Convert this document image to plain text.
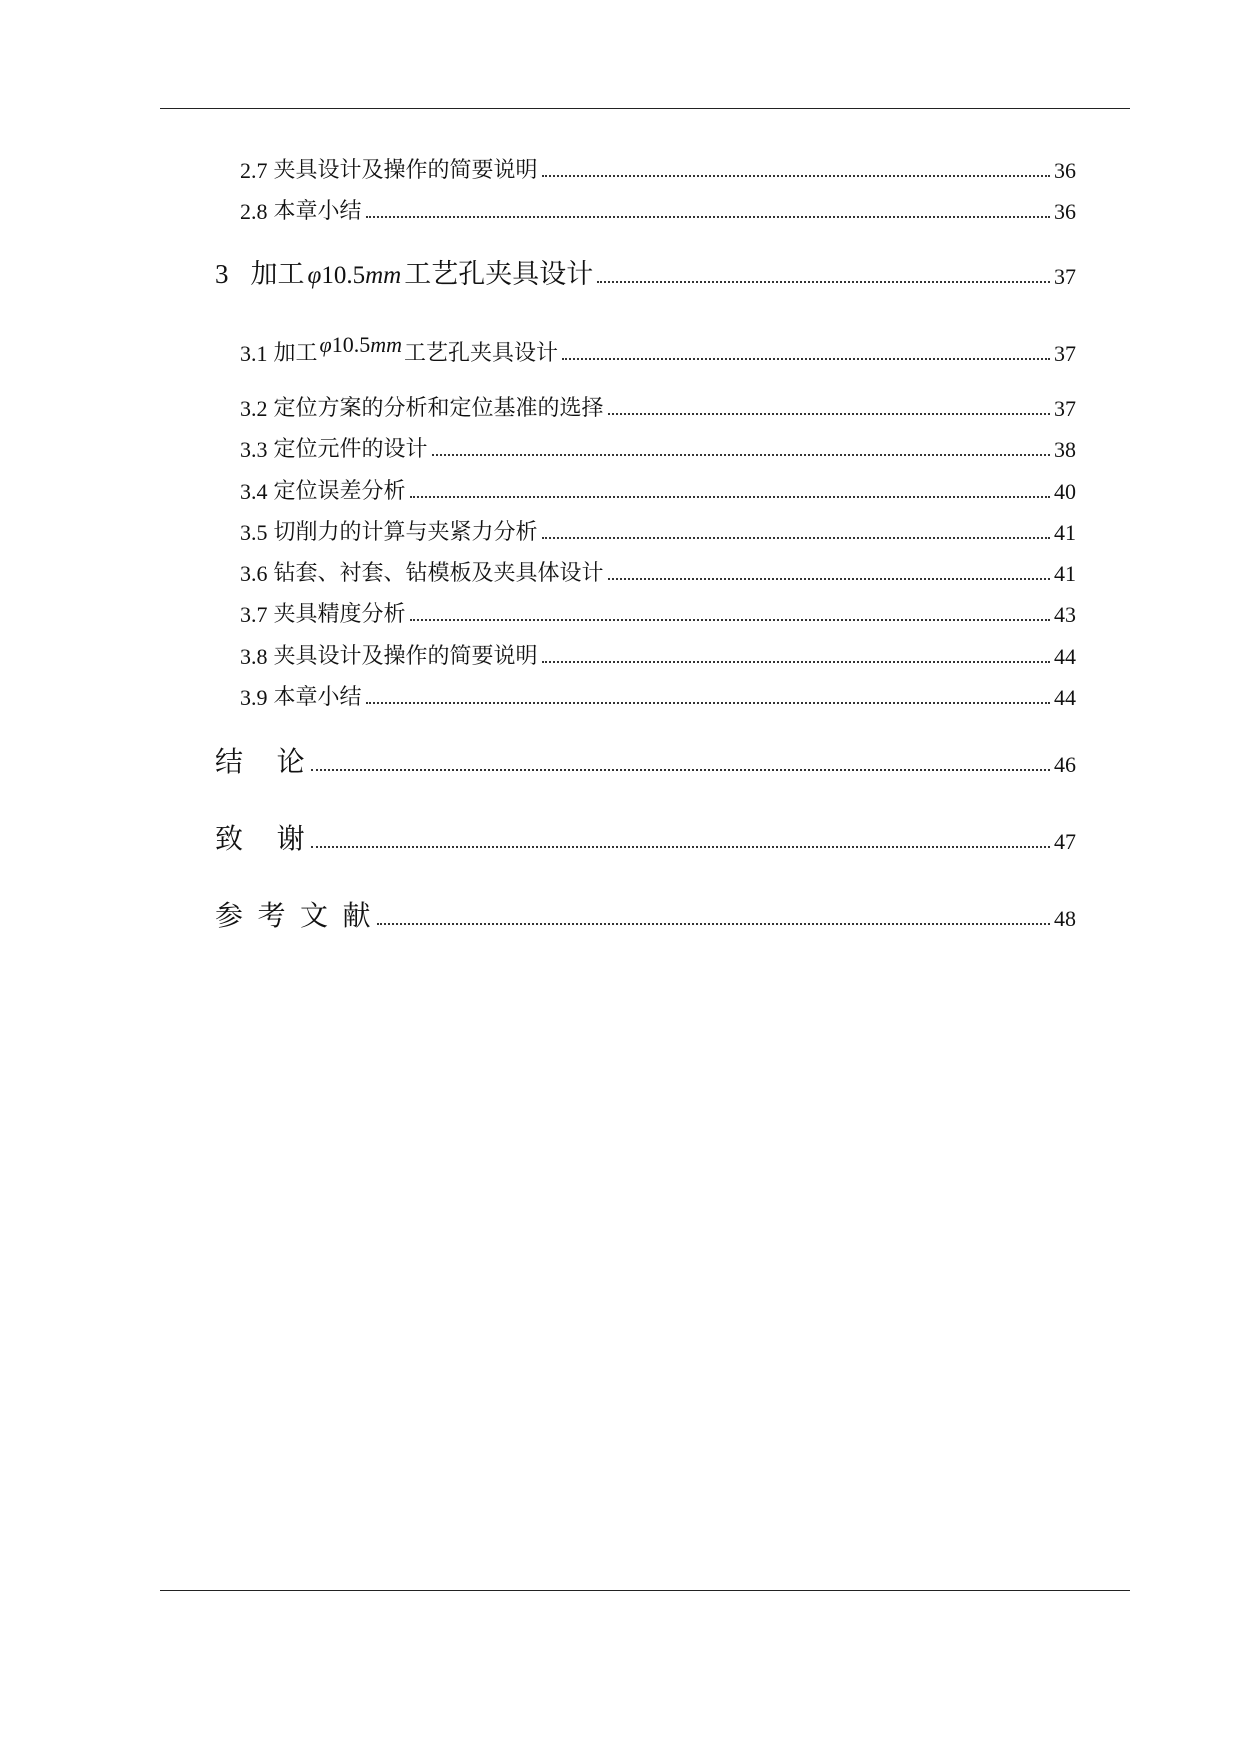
2.7 夹具设计及操作的简要说明	36
2.8 本章小结	36
3 加工 φ10.5mm 工艺孔夹具设计	37
3.1 加工φ10.5mm工艺孔夹具设计	37
3.2 定位方案的分析和定位基准的选择	37
3.3 定位元件的设计	38
3.4 定位误差分析	40
3.5 切削力的计算与夹紧力分析	41
3.6 钻套、衬套、钻模板及夹具体设计	41
3.7 夹具精度分析	43
3.8 夹具设计及操作的简要说明	44
3.9 本章小结	44
结　论	46
致　谢	47
参 考 文 献	48
